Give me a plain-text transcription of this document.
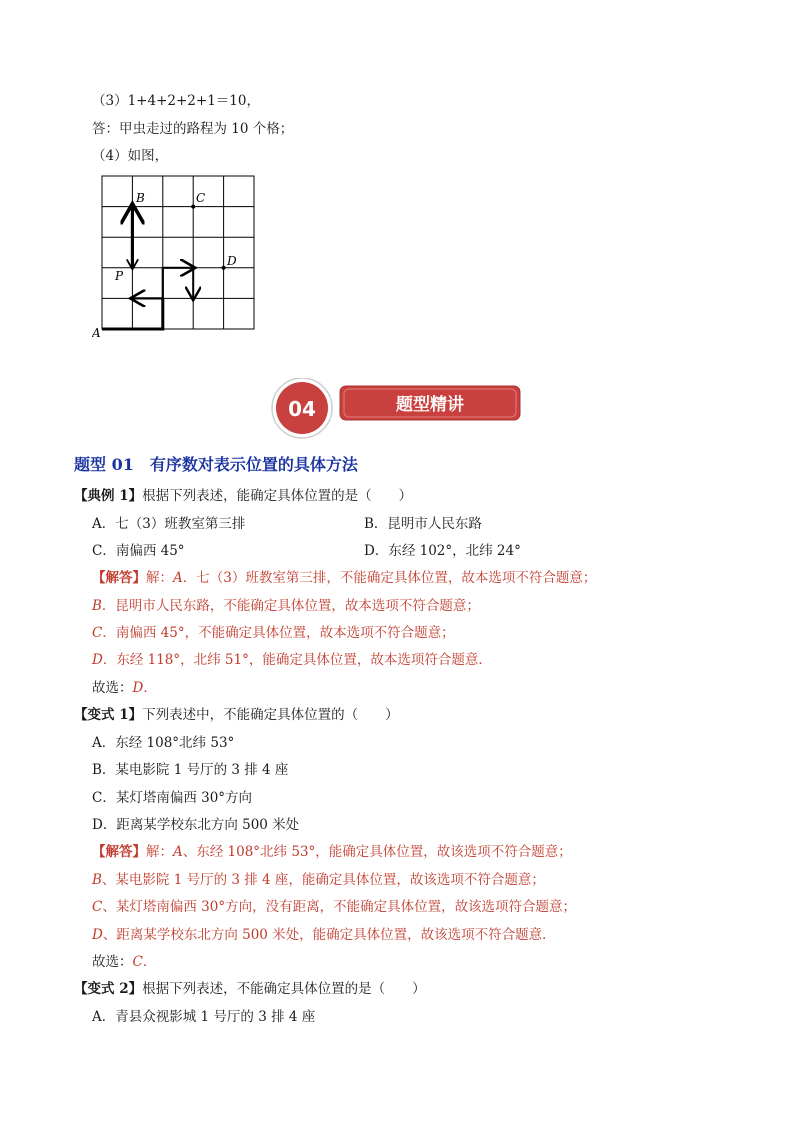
（3）1+4+2+2+1＝10，
答：甲虫走过的路程为 10 个格；
（4）如图，
B	C
D
P
A
04	题型精讲
题型 01　有序数对表示位置的具体方法
【典例 1】根据下列表述，能确定具体位置的是（　　）
A．七（3）班教室第三排	B．昆明市人民东路
C．南偏西 45°	D．东经 102°，北纬 24°
【解答】解：A．七（3）班教室第三排，不能确定具体位置，故本选项不符合题意；
B．昆明市人民东路，不能确定具体位置，故本选项不符合题意；
C．南偏西 45°，不能确定具体位置，故本选项不符合题意；
D．东经 118°，北纬 51°，能确定具体位置，故本选项符合题意．
故选：D．
【变式 1】下列表述中，不能确定具体位置的（　　）
A．东经 108°北纬 53°
B．某电影院 1 号厅的 3 排 4 座
C．某灯塔南偏西 30°方向
D．距离某学校东北方向 500 米处
【解答】解：A、东经 108°北纬 53°，能确定具体位置，故该选项不符合题意；
B、某电影院 1 号厅的 3 排 4 座，能确定具体位置，故该选项不符合题意；
C、某灯塔南偏西 30°方向，没有距离，不能确定具体位置，故该选项符合题意；
D、距离某学校东北方向 500 米处，能确定具体位置，故该选项不符合题意．
故选：C．
【变式 2】根据下列表述，不能确定具体位置的是（　　）
A．青县众视影城 1 号厅的 3 排 4 座
